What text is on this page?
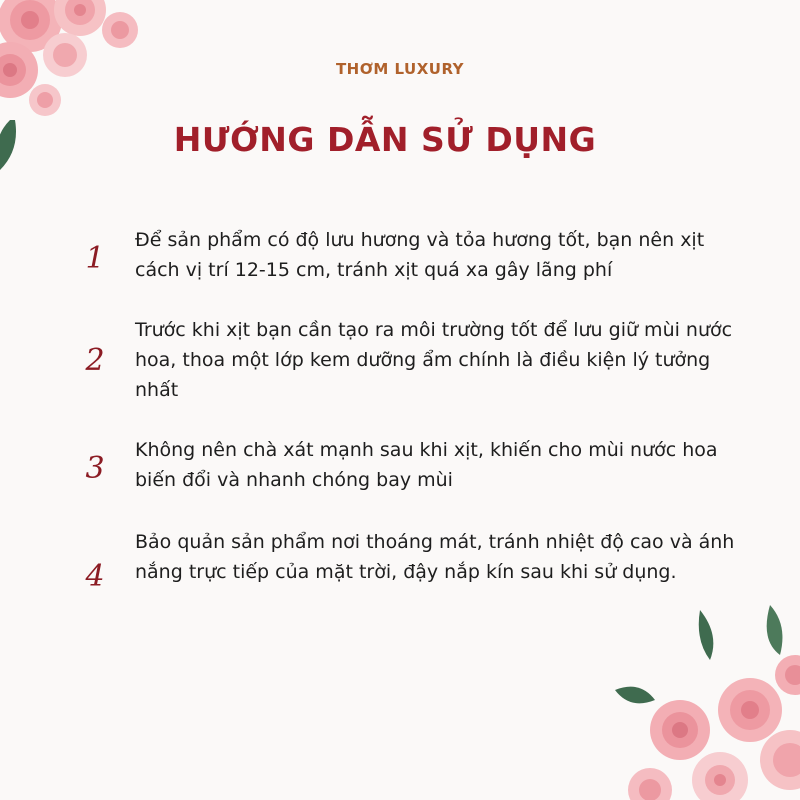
THƠM LUXURY
HƯỚNG DẪN SỬ DỤNG
1
Để sản phẩm có độ lưu hương và tỏa hương tốt, bạn nên xịt cách vị trí 12-15 cm, tránh xịt quá xa gây lãng phí
2
Trước khi xịt bạn cần tạo ra môi trường tốt để lưu giữ mùi nước hoa, thoa một lớp kem dưỡng ẩm chính là điều kiện lý tưởng nhất
3
Không nên chà xát mạnh sau khi xịt, khiến cho mùi nước hoa biến đổi và nhanh chóng bay mùi
4
Bảo quản sản phẩm nơi thoáng mát, tránh nhiệt độ cao và ánh nắng trực tiếp của mặt trời, đậy nắp kín sau khi sử dụng.
